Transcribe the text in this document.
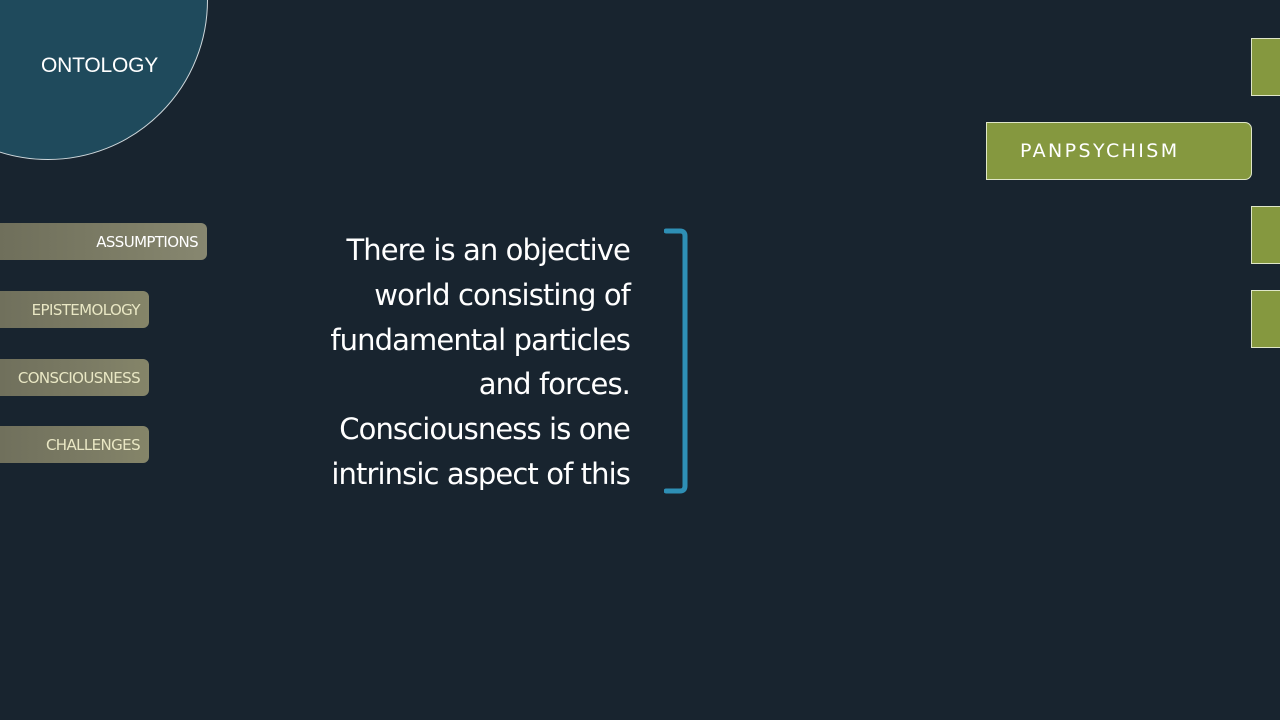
ONTOLOGY
ASSUMPTIONS
EPISTEMOLOGY
CONSCIOUSNESS
CHALLENGES
There is an objective
world consisting of
fundamental particles
and forces.
Consciousness is one
intrinsic aspect of this
PANPSYCHISM
